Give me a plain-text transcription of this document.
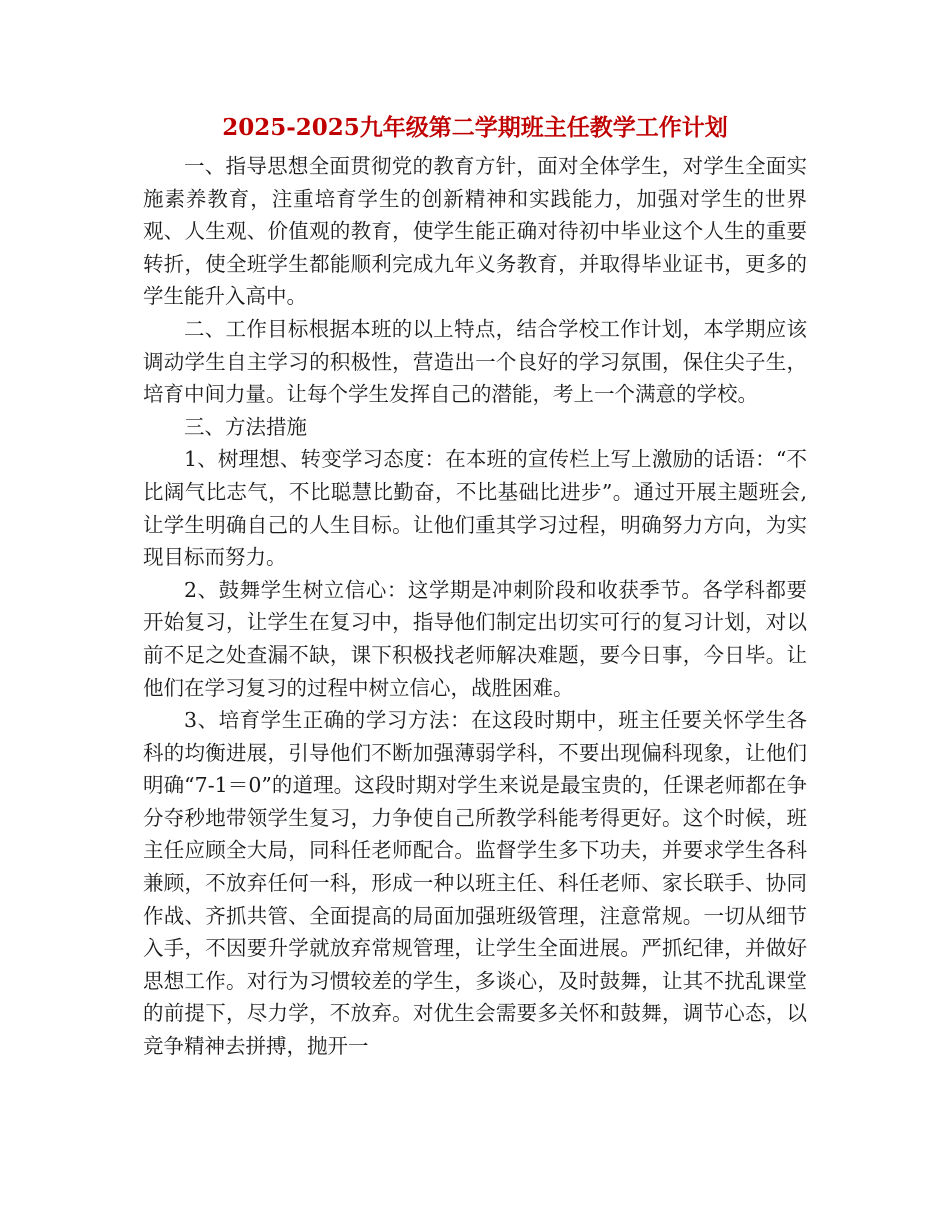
2025-2025九年级第二学期班主任教学工作计划

一、指导思想全面贯彻党的教育方针，面对全体学生，对学生全面实施素养教育，注重培育学生的创新精神和实践能力，加强对学生的世界观、人生观、价值观的教育，使学生能正确对待初中毕业这个人生的重要转折，使全班学生都能顺利完成九年义务教育，并取得毕业证书，更多的学生能升入高中。

二、工作目标根据本班的以上特点，结合学校工作计划，本学期应该调动学生自主学习的积极性，营造出一个良好的学习氛围，保住尖子生，培育中间力量。让每个学生发挥自己的潜能，考上一个满意的学校。

三、方法措施

1、树理想、转变学习态度：在本班的宣传栏上写上激励的话语：“不比阔气比志气，不比聪慧比勤奋，不比基础比进步”。通过开展主题班会,让学生明确自己的人生目标。让他们重其学习过程，明确努力方向，为实现目标而努力。

2、鼓舞学生树立信心：这学期是冲刺阶段和收获季节。各学科都要开始复习，让学生在复习中，指导他们制定出切实可行的复习计划，对以前不足之处查漏不缺，课下积极找老师解决难题，要今日事，今日毕。让他们在学习复习的过程中树立信心，战胜困难。

3、培育学生正确的学习方法：在这段时期中，班主任要关怀学生各科的均衡进展，引导他们不断加强薄弱学科，不要出现偏科现象，让他们明确“7-1＝0”的道理。这段时期对学生来说是最宝贵的，任课老师都在争分夺秒地带领学生复习，力争使自己所教学科能考得更好。这个时候，班主任应顾全大局，同科任老师配合。监督学生多下功夫，并要求学生各科兼顾，不放弃任何一科，形成一种以班主任、科任老师、家长联手、协同作战、齐抓共管、全面提高的局面加强班级管理，注意常规。一切从细节入手，不因要升学就放弃常规管理，让学生全面进展。严抓纪律，并做好思想工作。对行为习惯较差的学生，多谈心，及时鼓舞，让其不扰乱课堂的前提下，尽力学，不放弃。对优生会需要多关怀和鼓舞，调节心态，以竞争精神去拼搏，抛开一
